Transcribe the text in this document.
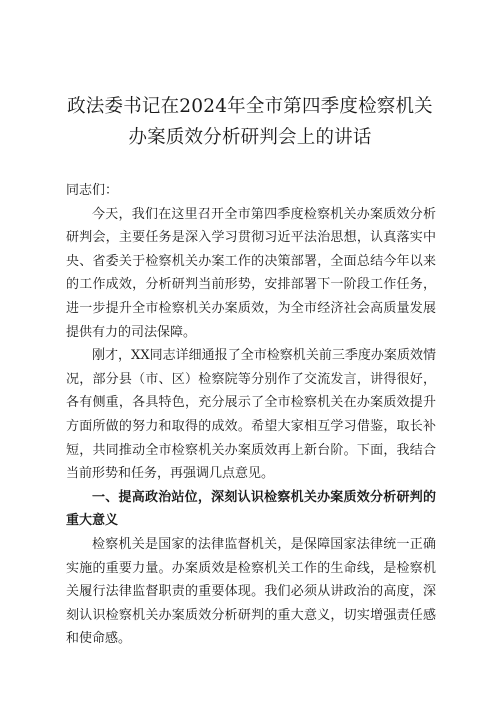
政法委书记在2024年全市第四季度检察机关
办案质效分析研判会上的讲话

同志们：

今天，我们在这里召开全市第四季度检察机关办案质效分析研判会，主要任务是深入学习贯彻习近平法治思想，认真落实中央、省委关于检察机关办案工作的决策部署，全面总结今年以来的工作成效，分析研判当前形势，安排部署下一阶段工作任务，进一步提升全市检察机关办案质效，为全市经济社会高质量发展提供有力的司法保障。

刚才，XX同志详细通报了全市检察机关前三季度办案质效情况，部分县（市、区）检察院等分别作了交流发言，讲得很好，各有侧重，各具特色，充分展示了全市检察机关在办案质效提升方面所做的努力和取得的成效。希望大家相互学习借鉴，取长补短，共同推动全市检察机关办案质效再上新台阶。下面，我结合当前形势和任务，再强调几点意见。

一、提高政治站位，深刻认识检察机关办案质效分析研判的重大意义

检察机关是国家的法律监督机关，是保障国家法律统一正确实施的重要力量。办案质效是检察机关工作的生命线，是检察机关履行法律监督职责的重要体现。我们必须从讲政治的高度，深刻认识检察机关办案质效分析研判的重大意义，切实增强责任感和使命感。
